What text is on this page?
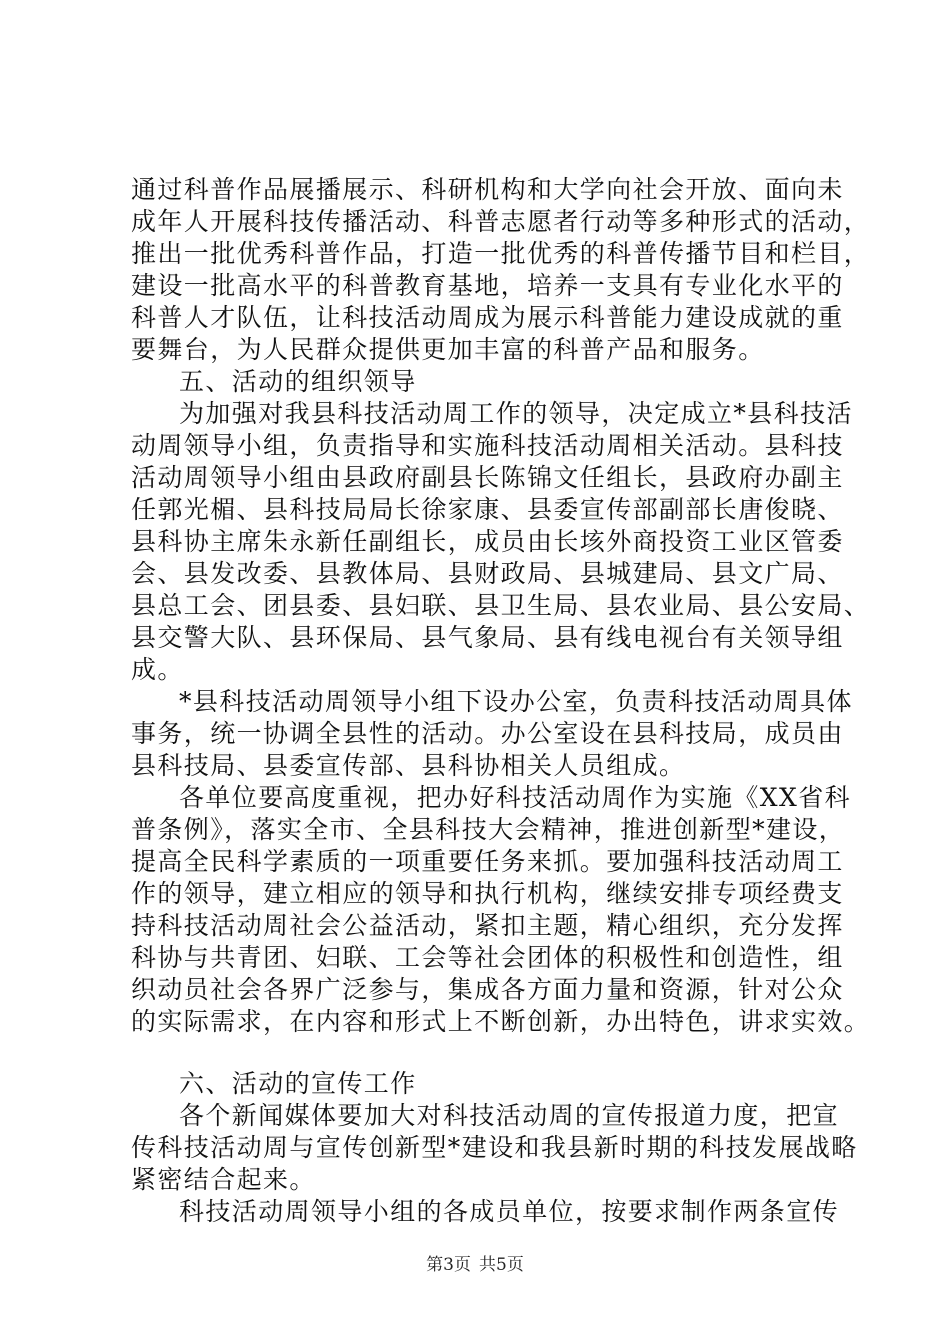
通过科普作品展播展示、科研机构和大学向社会开放、面向未
成年人开展科技传播活动、科普志愿者行动等多种形式的活动，
推出一批优秀科普作品，打造一批优秀的科普传播节目和栏目，
建设一批高水平的科普教育基地，培养一支具有专业化水平的
科普人才队伍，让科技活动周成为展示科普能力建设成就的重
要舞台，为人民群众提供更加丰富的科普产品和服务。
五、活动的组织领导
为加强对我县科技活动周工作的领导，决定成立*县科技活
动周领导小组，负责指导和实施科技活动周相关活动。县科技
活动周领导小组由县政府副县长陈锦文任组长，县政府办副主
任郭光楣、县科技局局长徐家康、县委宣传部副部长唐俊晓、
县科协主席朱永新任副组长，成员由长垓外商投资工业区管委
会、县发改委、县教体局、县财政局、县城建局、县文广局、
县总工会、团县委、县妇联、县卫生局、县农业局、县公安局、
县交警大队、县环保局、县气象局、县有线电视台有关领导组
成。
*县科技活动周领导小组下设办公室，负责科技活动周具体
事务，统一协调全县性的活动。办公室设在县科技局，成员由
县科技局、县委宣传部、县科协相关人员组成。
各单位要高度重视，把办好科技活动周作为实施《XX省科
普条例》，落实全市、全县科技大会精神，推进创新型*建设，
提高全民科学素质的一项重要任务来抓。要加强科技活动周工
作的领导，建立相应的领导和执行机构，继续安排专项经费支
持科技活动周社会公益活动，紧扣主题，精心组织，充分发挥
科协与共青团、妇联、工会等社会团体的积极性和创造性，组
织动员社会各界广泛参与，集成各方面力量和资源，针对公众
的实际需求，在内容和形式上不断创新，办出特色，讲求实效。
六、活动的宣传工作
各个新闻媒体要加大对科技活动周的宣传报道力度，把宣
传科技活动周与宣传创新型*建设和我县新时期的科技发展战略
紧密结合起来。
科技活动周领导小组的各成员单位，按要求制作两条宣传
第3页 共5页
